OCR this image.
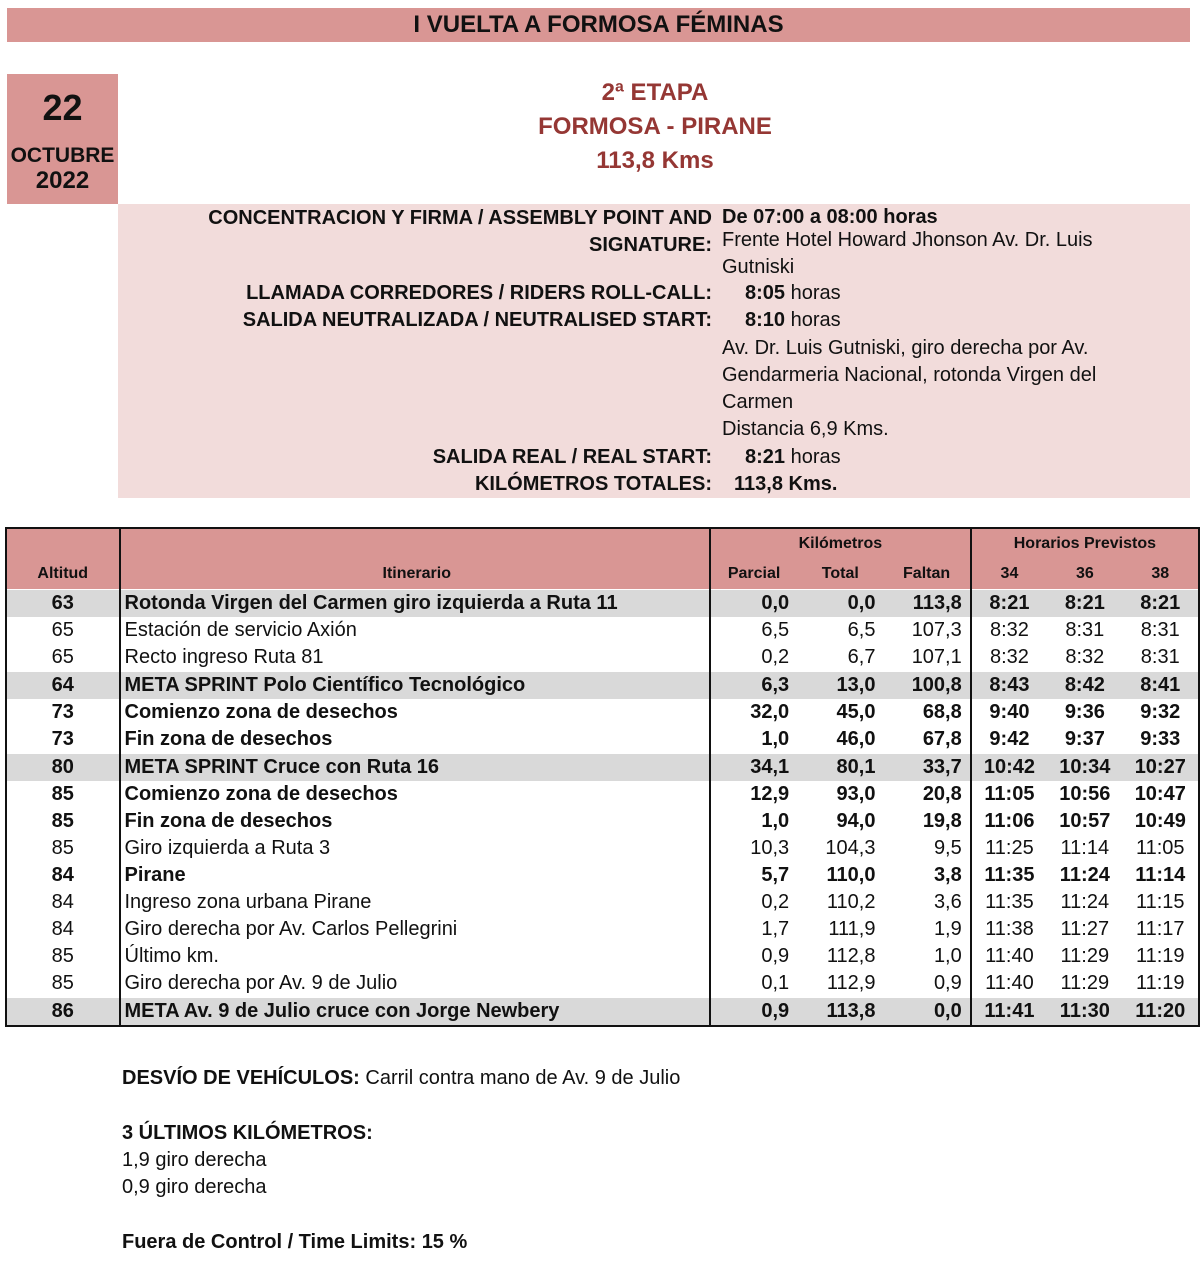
I VUELTA A FORMOSA FÉMINAS
22
OCTUBRE
2022
2ª ETAPA
FORMOSA - PIRANE
113,8 Kms
CONCENTRACION Y FIRMA / ASSEMBLY POINT AND
SIGNATURE:
De 07:00 a 08:00 horas
Frente Hotel Howard Jhonson Av. Dr. Luis
Gutniski
LLAMADA CORREDORES / RIDERS ROLL-CALL: 8:05 horas
SALIDA NEUTRALIZADA / NEUTRALISED START: 8:10 horas
Av. Dr. Luis Gutniski, giro derecha por Av.
Gendarmeria Nacional, rotonda Virgen del
Carmen
Distancia 6,9 Kms.
SALIDA REAL / REAL START: 8:21 horas
KILÓMETROS TOTALES: 113,8 Kms.
		Kilómetros			Horarios Previstos		
Altitud	Itinerario	Parcial	Total	Faltan	34	36	38
63	Rotonda Virgen del Carmen giro izquierda a Ruta 11	0,0	0,0	113,8	8:21	8:21	8:21
65	Estación de servicio Axión	6,5	6,5	107,3	8:32	8:31	8:31
65	Recto ingreso Ruta 81	0,2	6,7	107,1	8:32	8:32	8:31
64	META SPRINT Polo Científico Tecnológico	6,3	13,0	100,8	8:43	8:42	8:41
73	Comienzo zona de desechos	32,0	45,0	68,8	9:40	9:36	9:32
73	Fin zona de desechos	1,0	46,0	67,8	9:42	9:37	9:33
80	META SPRINT Cruce con Ruta 16	34,1	80,1	33,7	10:42	10:34	10:27
85	Comienzo zona de desechos	12,9	93,0	20,8	11:05	10:56	10:47
85	Fin zona de desechos	1,0	94,0	19,8	11:06	10:57	10:49
85	Giro izquierda a Ruta 3	10,3	104,3	9,5	11:25	11:14	11:05
84	Pirane	5,7	110,0	3,8	11:35	11:24	11:14
84	Ingreso zona urbana Pirane	0,2	110,2	3,6	11:35	11:24	11:15
84	Giro derecha por Av. Carlos Pellegrini	1,7	111,9	1,9	11:38	11:27	11:17
85	Último km.	0,9	112,8	1,0	11:40	11:29	11:19
85	Giro derecha por Av. 9 de Julio	0,1	112,9	0,9	11:40	11:29	11:19
86	META Av. 9 de Julio cruce con Jorge Newbery	0,9	113,8	0,0	11:41	11:30	11:20
DESVÍO DE VEHÍCULOS: Carril contra mano de Av. 9 de Julio
3 ÚLTIMOS KILÓMETROS:
1,9 giro derecha
0,9 giro derecha
Fuera de Control / Time Limits: 15 %
